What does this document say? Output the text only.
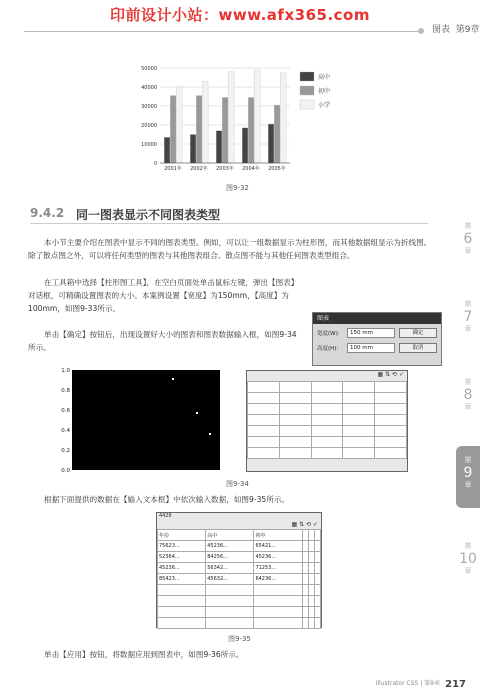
印前设计小站：www.afx365.com
图表 第9章
0
10000
20000
30000
40000
50000
2001年 2002年 2003年 2004年 2005年
高中
初中
小学
图9-32
9.4.2 同一图表显示不同图表类型
本小节主要介绍在图表中显示不同的图表类型。例如，可以让一组数据显示为柱形图，而其他数据组显示为折线图。除了散点图之外，可以将任何类型的图表与其他图表组合。散点图不能与其他任何图表类型组合。
在工具箱中选择【柱形图工具】，在空白页面处单击鼠标左键，弹出【图表】对话框，可精确设置图表的大小。本案例设置【宽度】为150mm，【高度】为100mm，如图9-33所示。
单击【确定】按钮后，出现设置好大小的图表和图表数据输入框，如图9-34所示。
图表
宽度(W):	150 mm
高度(H):	100 mm
确定
取消
1.0
0.8
0.6
0.4
0.2
0.0
▦ ⇅ ⟲ ✓

图9-34
根据下面提供的数据在【输入文本框】中依次输入数据，如图9-35所示。
4426
▦ ⇅ ⟲ ✓
年份	高中	初中			
75623...	45236...	65421...			
52364...	84256...	45236...			
45236...	56342...	71253...			
85423...	45632...	64236...			

图9-35
单击【应用】按钮，将数据应用到图表中，如图9-36所示。
Illustrator CS5 | 第9章 217
第
6
章
第
7
章
第
8
章
第
9
章
第
10
章
